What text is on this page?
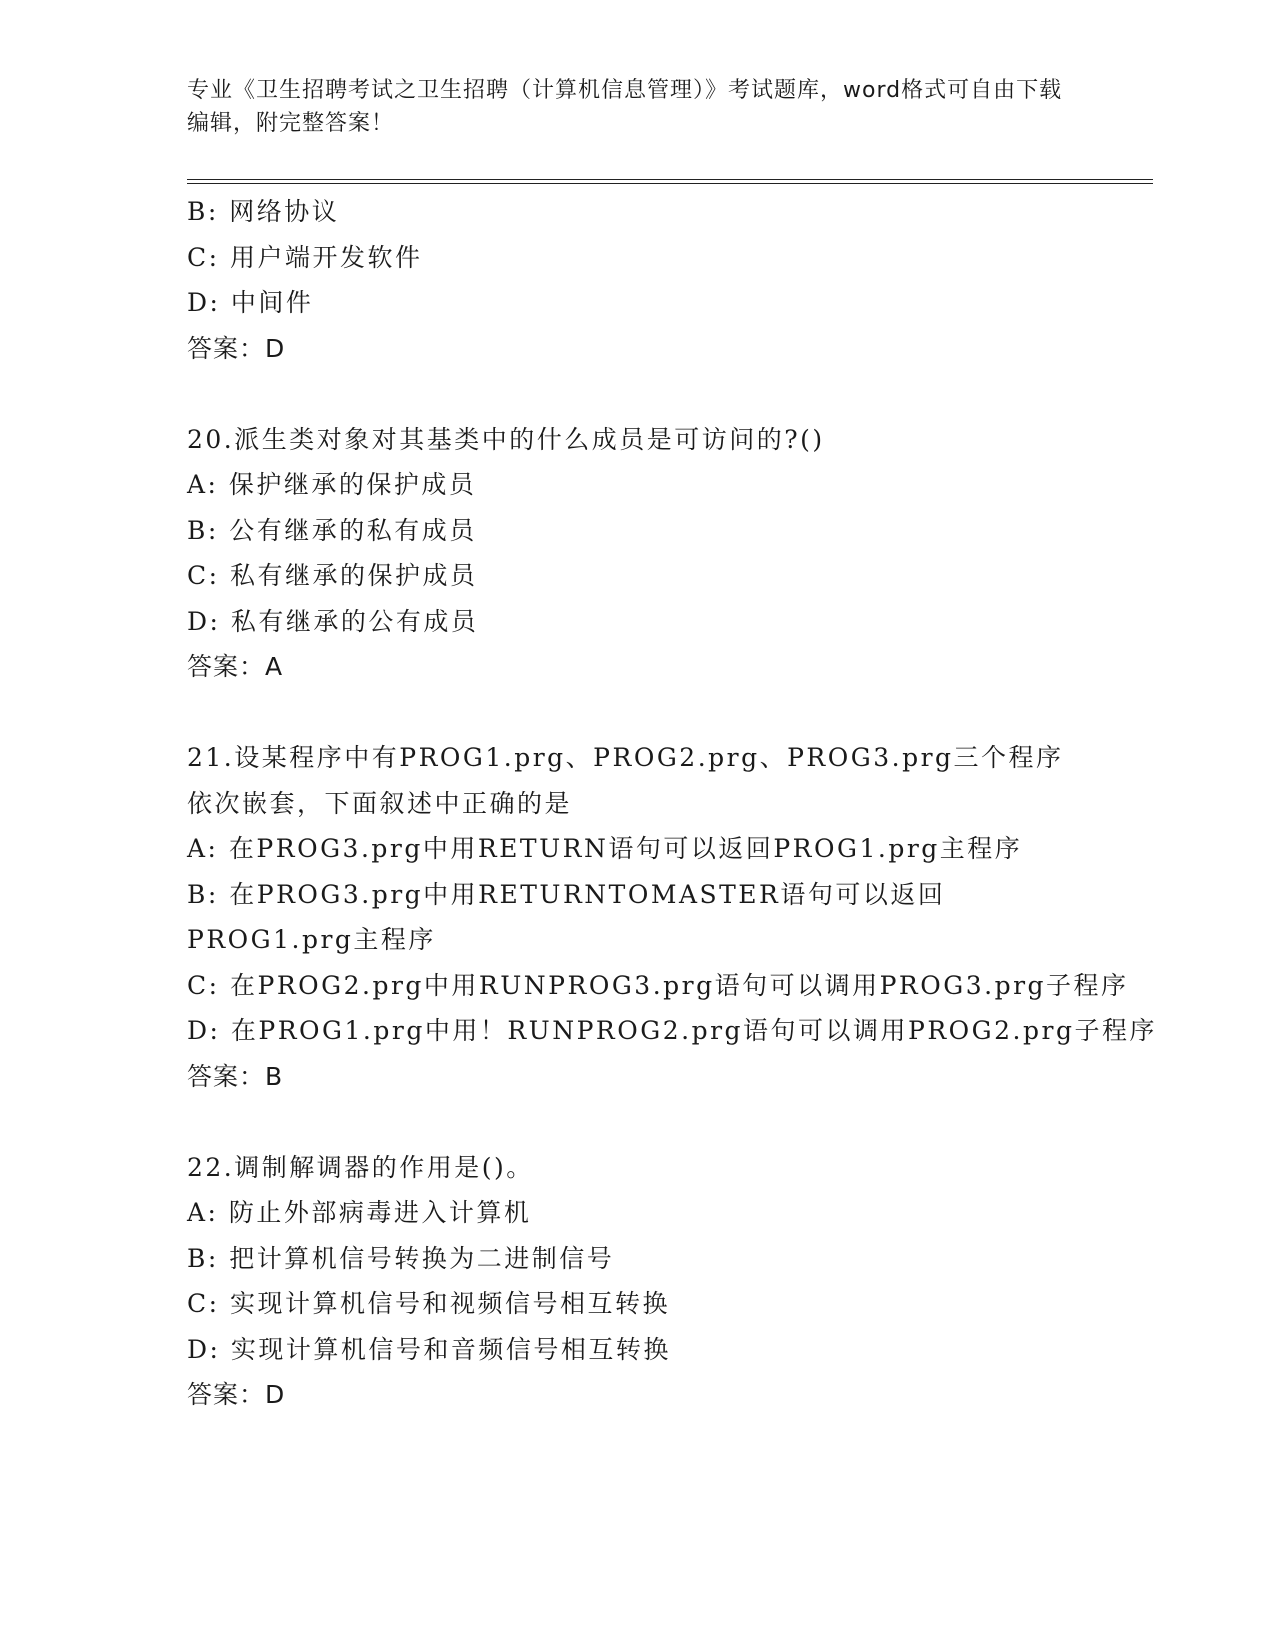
专业《卫生招聘考试之卫生招聘（计算机信息管理）》考试题库，word格式可自由下载编辑，附完整答案！
B: 网络协议
C: 用户端开发软件
D: 中间件
答案：D
20.派生类对象对其基类中的什么成员是可访问的?()
A: 保护继承的保护成员
B: 公有继承的私有成员
C: 私有继承的保护成员
D: 私有继承的公有成员
答案：A
21.设某程序中有PROG1.prg、PROG2.prg、PROG3.prg三个程序依次嵌套，下面叙述中正确的是
A: 在PROG3.prg中用RETURN语句可以返回PROG1.prg主程序
B: 在PROG3.prg中用RETURNTOMASTER语句可以返回PROG1.prg主程序
C: 在PROG2.prg中用RUNPROG3.prg语句可以调用PROG3.prg子程序
D: 在PROG1.prg中用！RUNPROG2.prg语句可以调用PROG2.prg子程序
答案：B
22.调制解调器的作用是()。
A: 防止外部病毒进入计算机
B: 把计算机信号转换为二进制信号
C: 实现计算机信号和视频信号相互转换
D: 实现计算机信号和音频信号相互转换
答案：D
